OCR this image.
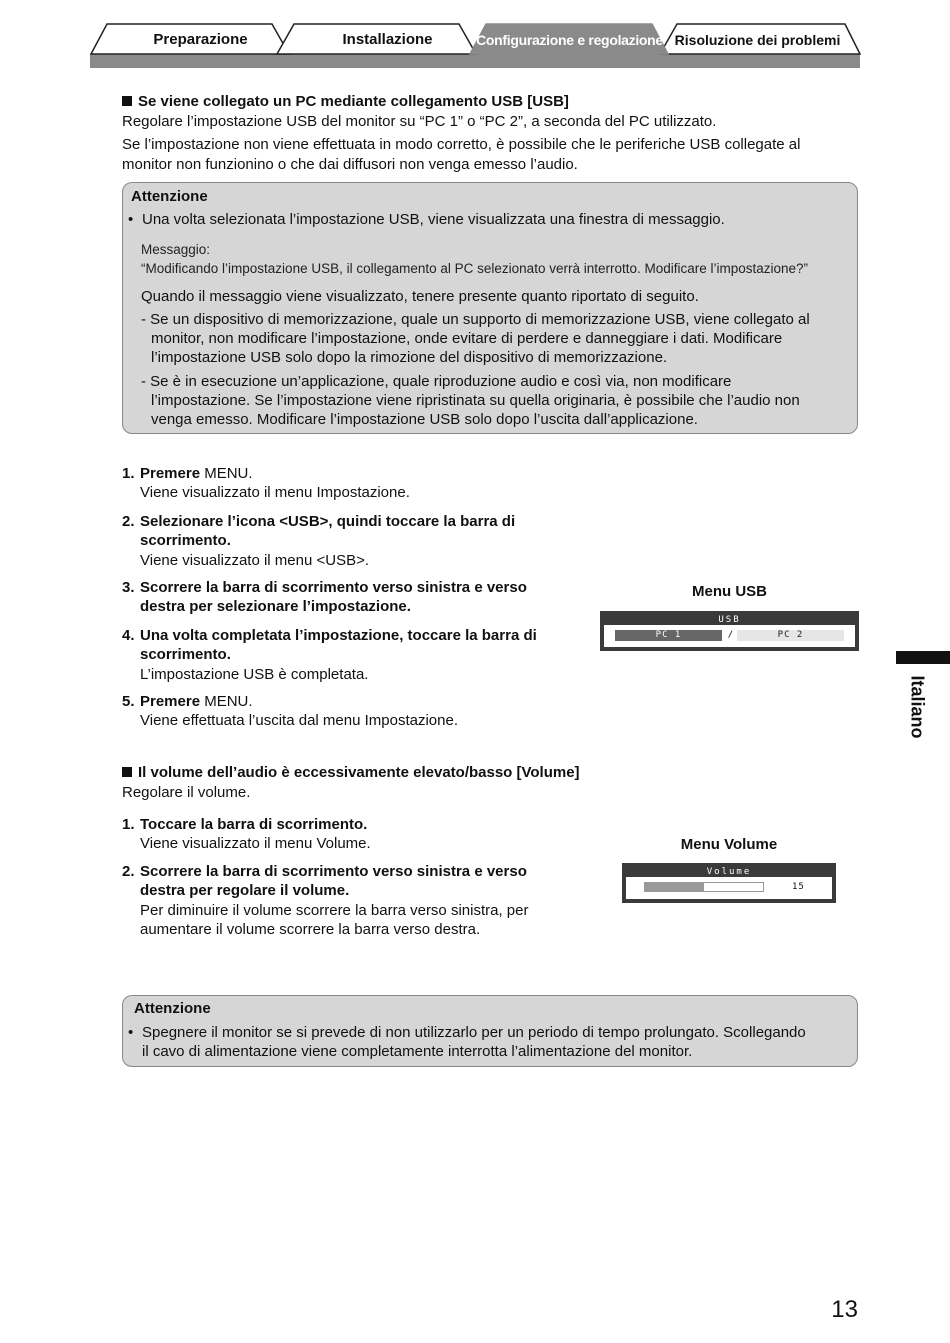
Preparazione	Installazione	Configurazione e regolazione Risoluzione dei problemi

Se viene collegato un PC mediante collegamento USB [USB]

Regolare l’impostazione USB del monitor su “PC 1” o “PC 2”, a seconda del PC utilizzato.

Se l’impostazione non viene effettuata in modo corretto, è possibile che le periferiche USB collegate al

monitor non funzionino o che dai diffusori non venga emesso l’audio.

Attenzione
• Una volta selezionata l’impostazione USB, viene visualizzata una finestra di messaggio.
Messaggio:
“Modificando l’impostazione USB, il collegamento al PC selezionato verrà interrotto. Modificare l’impostazione?”
Quando il messaggio viene visualizzato, tenere presente quanto riportato di seguito.
- Se un dispositivo di memorizzazione, quale un supporto di memorizzazione USB, viene collegato al
monitor, non modificare l’impostazione, onde evitare di perdere e danneggiare i dati. Modificare
l’impostazione USB solo dopo la rimozione del dispositivo di memorizzazione.
- Se è in esecuzione un’applicazione, quale riproduzione audio e così via, non modificare
l’impostazione. Se l’impostazione viene ripristinata su quella originaria, è possibile che l’audio non
venga emesso. Modificare l’impostazione USB solo dopo l’uscita dall’applicazione.
1. Premere MENU.
Viene visualizzato il menu Impostazione.
2. Selezionare l’icona <USB>, quindi toccare la barra di
scorrimento.
Viene visualizzato il menu <USB>.
3. Scorrere la barra di scorrimento verso sinistra e verso
destra per selezionare l’impostazione.
4. Una volta completata l’impostazione, toccare la barra di
scorrimento.
L’impostazione USB è completata.
5. Premere MENU.
Viene effettuata l’uscita dal menu Impostazione.
Menu USB
USB
PC 1	/	PC 2

Il volume dell’audio è eccessivamente elevato/basso [Volume]

Regolare il volume.

1. Toccare la barra di scorrimento.
Viene visualizzato il menu Volume.
2. Scorrere la barra di scorrimento verso sinistra e verso
destra per regolare il volume.
Per diminuire il volume scorrere la barra verso sinistra, per
aumentare il volume scorrere la barra verso destra.
Menu Volume
Volume
15
Attenzione
• Spegnere il monitor se si prevede di non utilizzarlo per un periodo di tempo prolungato. Scollegando
il cavo di alimentazione viene completamente interrotta l’alimentazione del monitor.
Italiano
13
